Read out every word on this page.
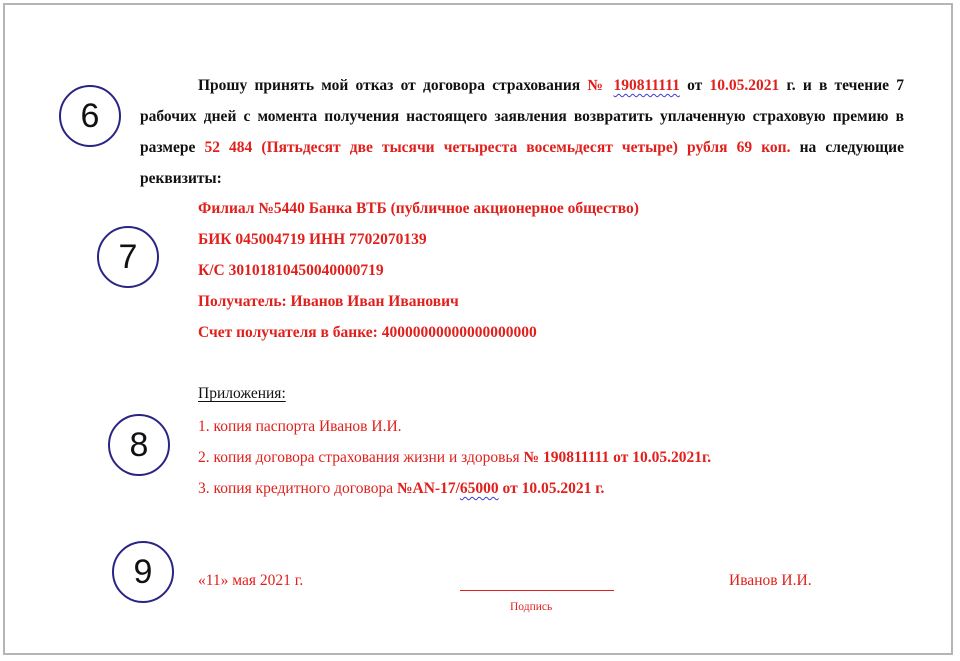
6
7
8
9
Прошу принять мой отказ от договора страхования № 190811111 от 10.05.2021 г. и в течение 7 рабочих дней с момента получения настоящего заявления возвратить уплаченную страховую премию в размере 52 484 (Пятьдесят две тысячи четыреста восемьдесят четыре) рубля 69 коп. на следующие реквизиты:
Филиал №5440 Банка ВТБ (публичное акционерное общество)
БИК 045004719 ИНН 7702070139
К/С 30101810450040000719
Получатель: Иванов Иван Иванович
Счет получателя в банке: 40000000000000000000
Приложения:
1. копия паспорта Иванов И.И.
2. копия договора страхования жизни и здоровья № 190811111 от 10.05.2021г.
3. копия кредитного договора №AN-17/65000 от 10.05.2021 г.
«11» мая 2021 г.
Подпись
Иванов И.И.
